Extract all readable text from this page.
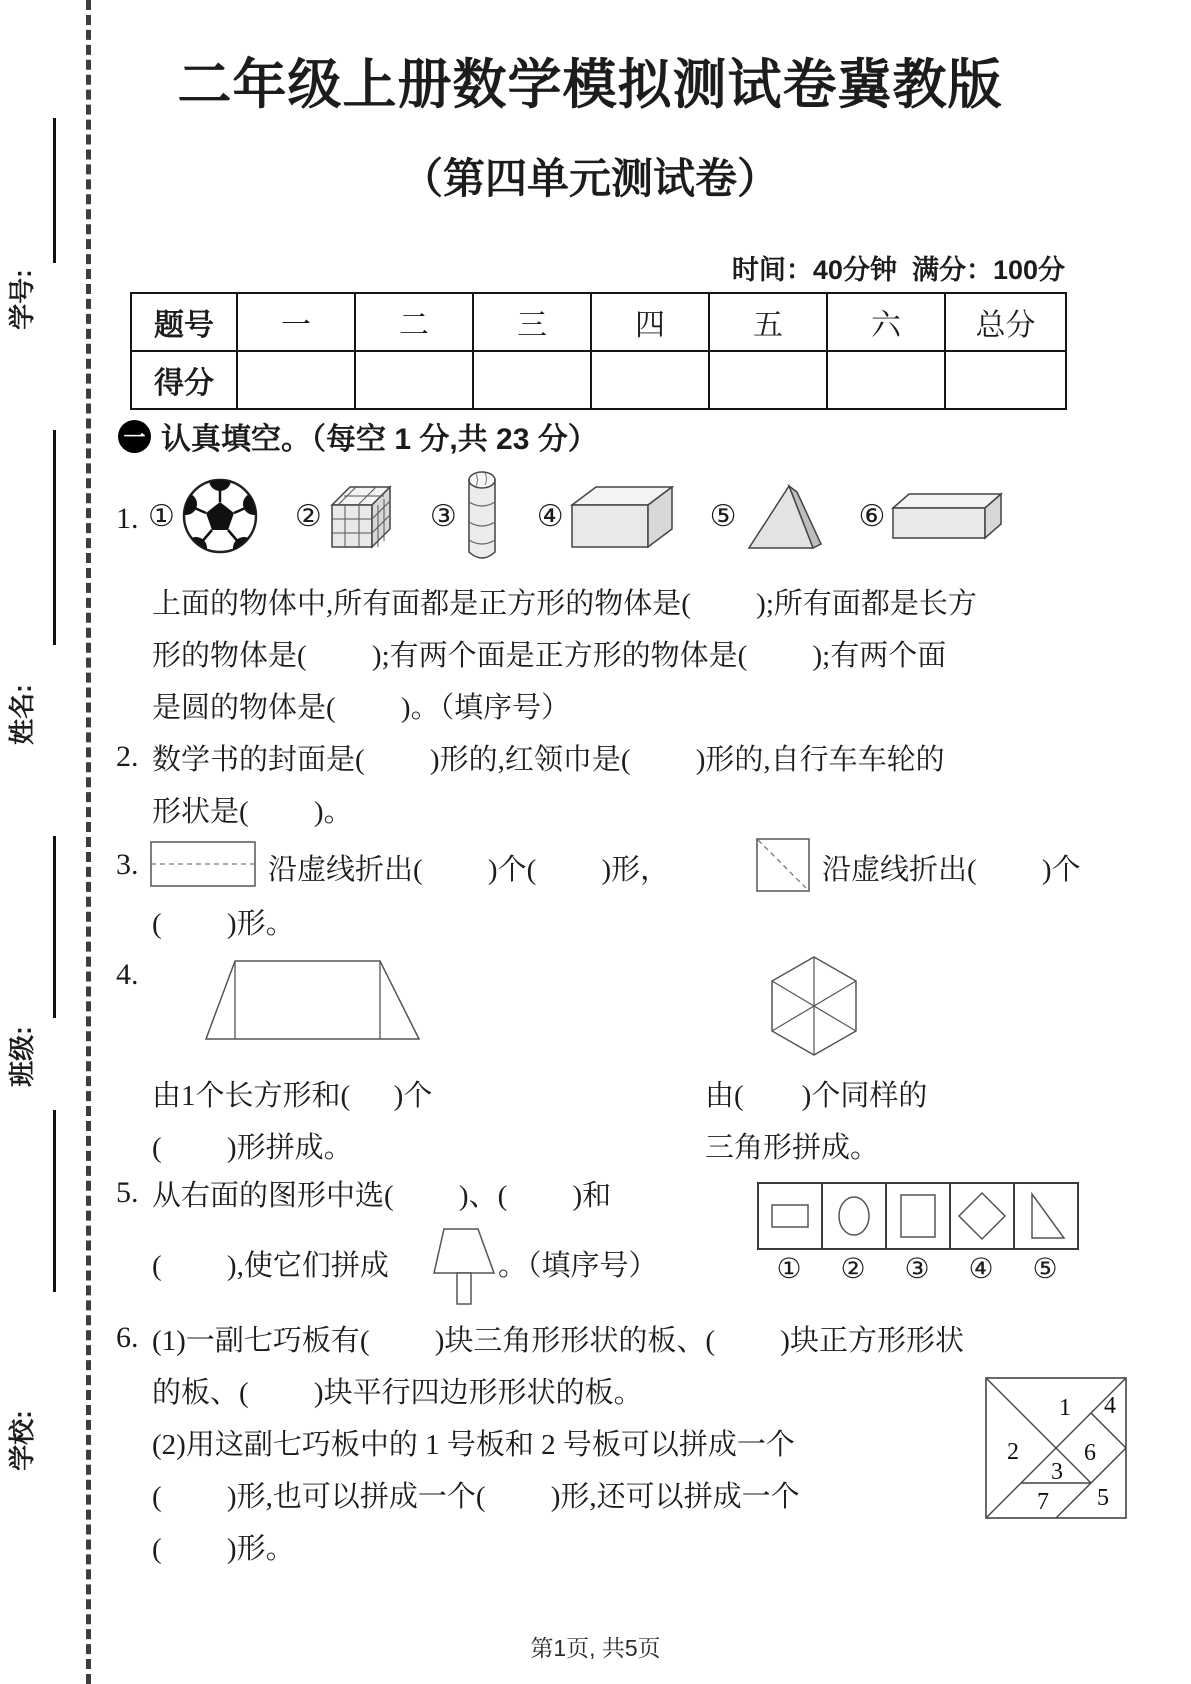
学号:
姓名:
班级:
学校:
二年级上册数学模拟测试卷冀教版
（第四单元测试卷）
时间：40分钟  满分：100分
题号	一	二	三	四	五	六	总分
得分							
一 认真填空。（每空 1 分,共 23 分）
1. ①	②	③	④	⑤	⑥
上面的物体中,所有面都是正方形的物体是(         );所有面都是长方
形的物体是(         );有两个面是正方形的物体是(         );有两个面
是圆的物体是(         )。（填序号）
2. 数学书的封面是(         )形的,红领巾是(         )形的,自行车车轮的
形状是(         )。
3.	沿虚线折出(         )个(         )形，	沿虚线折出(         )个
(         )形。
4.
由1个长方形和(      )个
(         )形拼成。
由(        )个同样的
三角形拼成。
5. 从右面的图形中选(         )、(         )和
①	②	③	④	⑤
(         ),使它们拼成	。（填序号）
6. (1)一副七巧板有(         )块三角形形状的板、(         )块正方形形状
的板、(         )块平行四边形形状的板。
(2)用这副七巧板中的 1 号板和 2 号板可以拼成一个
(         )形,也可以拼成一个(         )形,还可以拼成一个
(         )形。
1
2
3
4
5
6
7
第1页, 共5页
